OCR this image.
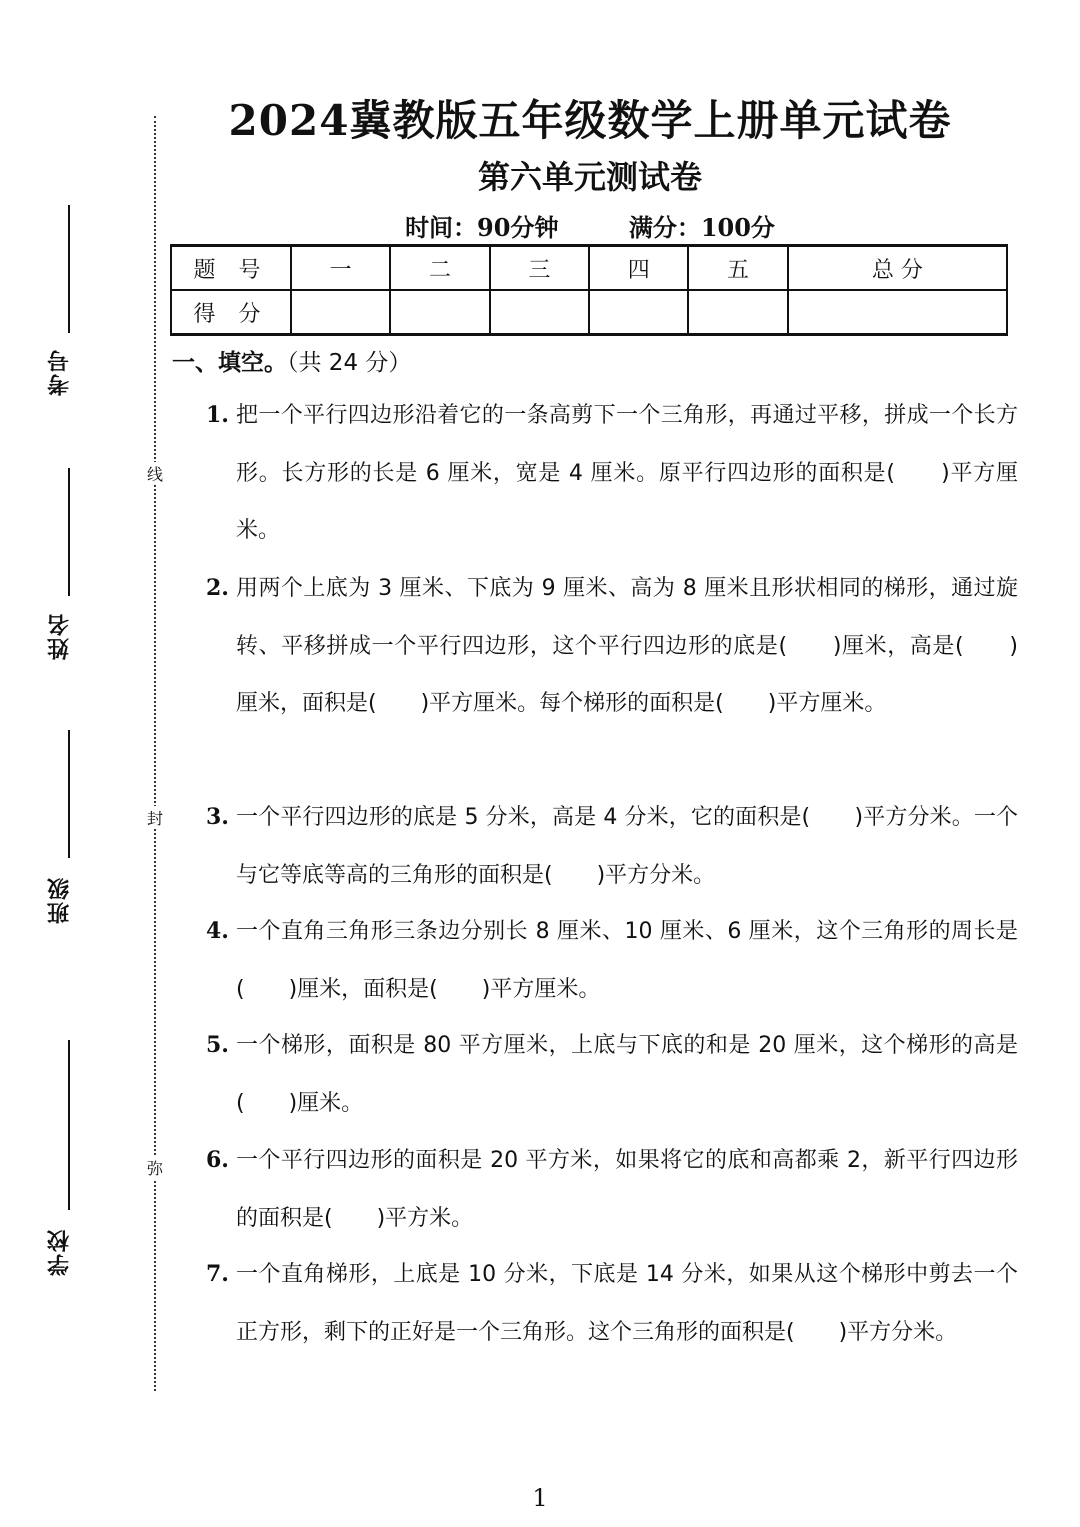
考号
姓名
班级
学校
线
封
弥
2024冀教版五年级数学上册单元试卷
第六单元测试卷
时间：90分钟	满分：100分
题 号	一	二	三	四	五	总 分
得 分						
一、填空。（共 24 分）
1. 把一个平行四边形沿着它的一条高剪下一个三角形，再通过平移，拼成一个长方形。长方形的长是 6 厘米，宽是 4 厘米。原平行四边形的面积是(　　)平方厘米。
2. 用两个上底为 3 厘米、下底为 9 厘米、高为 8 厘米且形状相同的梯形，通过旋转、平移拼成一个平行四边形，这个平行四边形的底是(　　)厘米，高是(　　)厘米，面积是(　　)平方厘米。每个梯形的面积是(　　)平方厘米。
3. 一个平行四边形的底是 5 分米，高是 4 分米，它的面积是(　　)平方分米。一个与它等底等高的三角形的面积是(　　)平方分米。
4. 一个直角三角形三条边分别长 8 厘米、10 厘米、6 厘米，这个三角形的周长是(　　)厘米，面积是(　　)平方厘米。
5. 一个梯形，面积是 80 平方厘米，上底与下底的和是 20 厘米，这个梯形的高是(　　)厘米。
6. 一个平行四边形的面积是 20 平方米，如果将它的底和高都乘 2，新平行四边形的面积是(　　)平方米。
7. 一个直角梯形，上底是 10 分米，下底是 14 分米，如果从这个梯形中剪去一个正方形，剩下的正好是一个三角形。这个三角形的面积是(　　)平方分米。
1
